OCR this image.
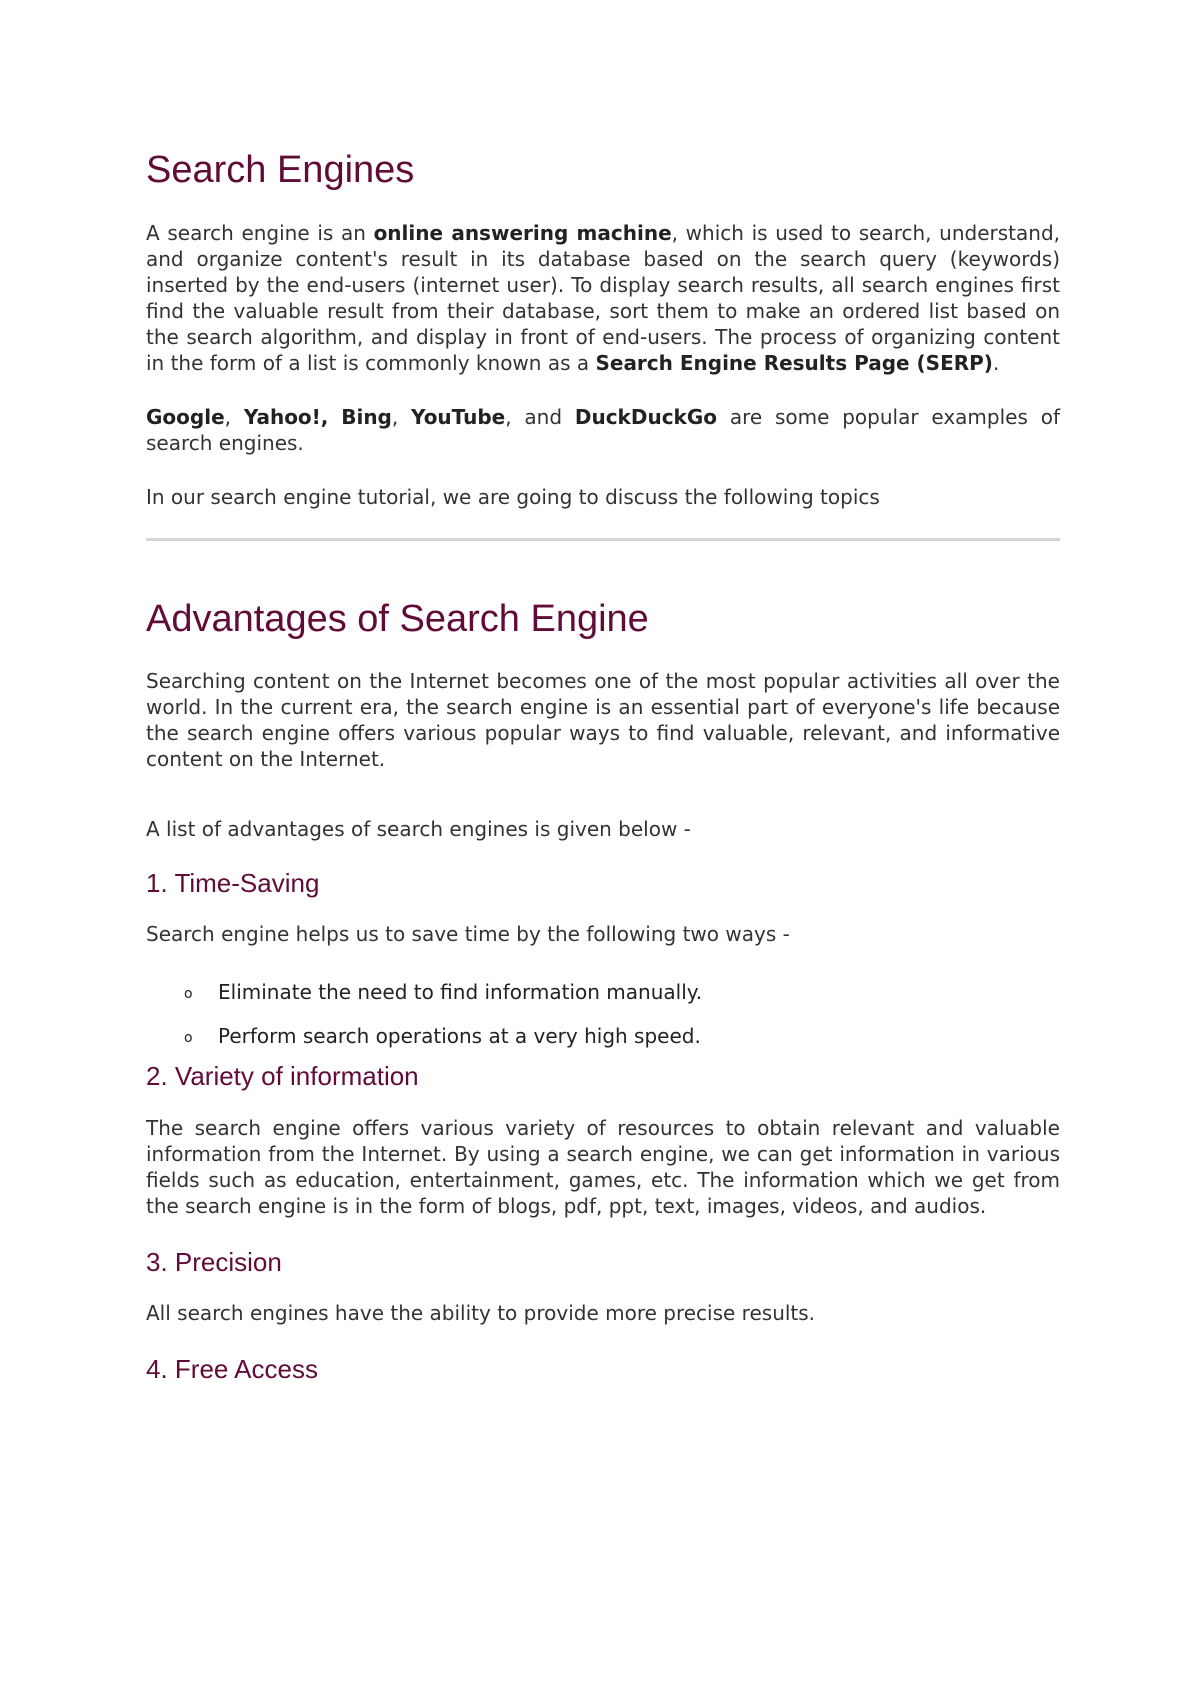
Search Engines

A search engine is an online answering machine, which is used to search, understand, and organize content's result in its database based on the search query (keywords) inserted by the end-users (internet user). To display search results, all search engines first find the valuable result from their database, sort them to make an ordered list based on the search algorithm, and display in front of end-users. The process of organizing content in the form of a list is commonly known as a Search Engine Results Page (SERP).

Google, Yahoo!, Bing, YouTube, and DuckDuckGo are some popular examples of search engines.

In our search engine tutorial, we are going to discuss the following topics

Advantages of Search Engine

Searching content on the Internet becomes one of the most popular activities all over the world. In the current era, the search engine is an essential part of everyone's life because the search engine offers various popular ways to find valuable, relevant, and informative content on the Internet.

A list of advantages of search engines is given below -

1. Time-Saving

Search engine helps us to save time by the following two ways -

o Eliminate the need to find information manually.
o Perform search operations at a very high speed.
2. Variety of information

The search engine offers various variety of resources to obtain relevant and valuable information from the Internet. By using a search engine, we can get information in various fields such as education, entertainment, games, etc. The information which we get from the search engine is in the form of blogs, pdf, ppt, text, images, videos, and audios.

3. Precision

All search engines have the ability to provide more precise results.

4. Free Access
